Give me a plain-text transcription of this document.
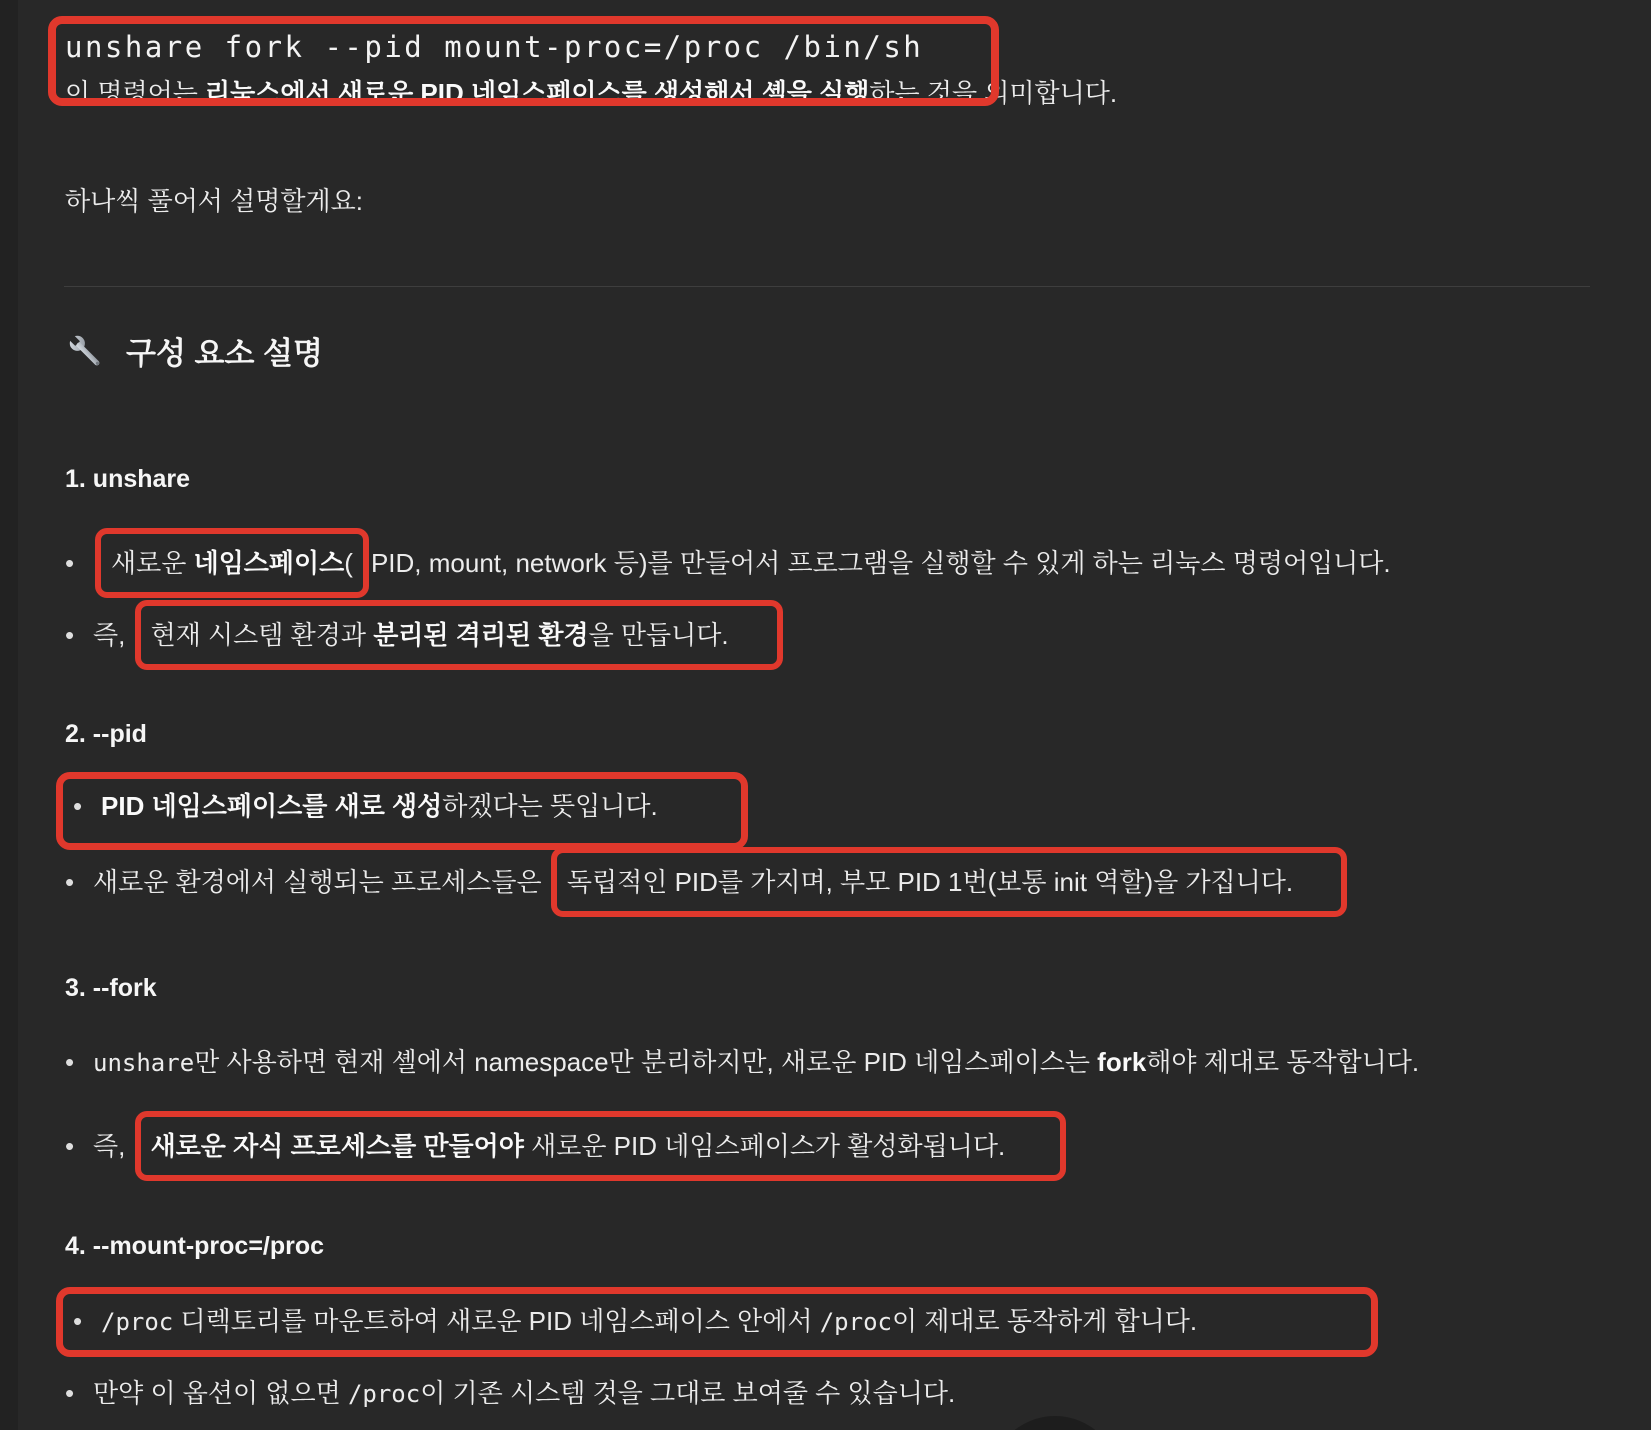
unshare fork --pid mount-proc=/proc /bin/sh
이 명령어는 리눅스에서 새로운 PID 네임스페이스를 생성해서 셸을 실행하는 것을 의미합니다.
하나씩 풀어서 설명할게요:
구성 요소 설명
1. unshare
• 새로운 네임스페이스( PID, mount, network 등)를 만들어서 프로그램을 실행할 수 있게 하는 리눅스 명령어입니다.
• 즉, 현재 시스템 환경과 분리된 격리된 환경을 만듭니다.
2. --pid
• PID 네임스페이스를 새로 생성하겠다는 뜻입니다.
• 새로운 환경에서 실행되는 프로세스들은 독립적인 PID를 가지며, 부모 PID 1번(보통 init 역할)을 가집니다.
3. --fork
• unshare만 사용하면 현재 셸에서 namespace만 분리하지만, 새로운 PID 네임스페이스는 fork해야 제대로 동작합니다.
• 즉, 새로운 자식 프로세스를 만들어야 새로운 PID 네임스페이스가 활성화됩니다.
4. --mount-proc=/proc
• /proc 디렉토리를 마운트하여 새로운 PID 네임스페이스 안에서 /proc이 제대로 동작하게 합니다.
• 만약 이 옵션이 없으면 /proc이 기존 시스템 것을 그대로 보여줄 수 있습니다.
